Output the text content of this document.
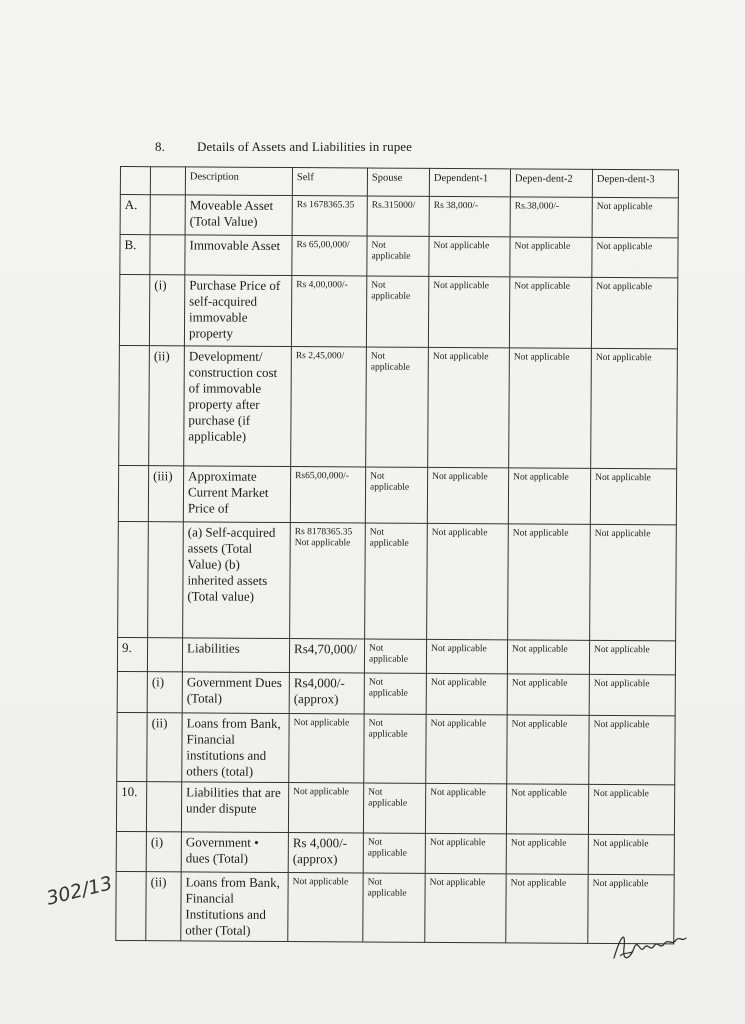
8. Details of Assets and Liabilities in rupee
		Description	Self	Spouse	Dependent-1	Depen-dent-2	Depen-dent-3
A.		Moveable Asset (Total Value)	Rs 1678365.35	Rs.315000/	Rs 38,000/-	Rs.38,000/-	Not applicable
B.		Immovable Asset	Rs 65,00,000/	Not applicable	Not applicable	Not applicable	Not applicable
	(i)	Purchase Price of self-acquired immovable property	Rs 4,00,000/-	Not applicable	Not applicable	Not applicable	Not applicable
	(ii)	Development/ construction cost of immovable property after purchase (if applicable)	Rs 2,45,000/	Not applicable	Not applicable	Not applicable	Not applicable
	(iii)	Approximate Current Market Price of	Rs65,00,000/-	Not applicable	Not applicable	Not applicable	Not applicable
		(a) Self-acquired assets (Total Value) (b) inherited assets (Total value)	Rs 8178365.35 Not applicable	Not applicable	Not applicable	Not applicable	Not applicable
9.		Liabilities	Rs4,70,000/	Not applicable	Not applicable	Not applicable	Not applicable
	(i)	Government Dues (Total)	Rs4,000/- (approx)	Not applicable	Not applicable	Not applicable	Not applicable
	(ii)	Loans from Bank, Financial institutions and others (total)	Not applicable	Not applicable	Not applicable	Not applicable	Not applicable
10.		Liabilities that are under dispute	Not applicable	Not applicable	Not applicable	Not applicable	Not applicable
	(i)	Government • dues (Total)	Rs 4,000/- (approx)	Not applicable	Not applicable	Not applicable	Not applicable
	(ii)	Loans from Bank, Financial Institutions and other (Total)	Not applicable	Not applicable	Not applicable	Not applicable	Not applicable
302/13
